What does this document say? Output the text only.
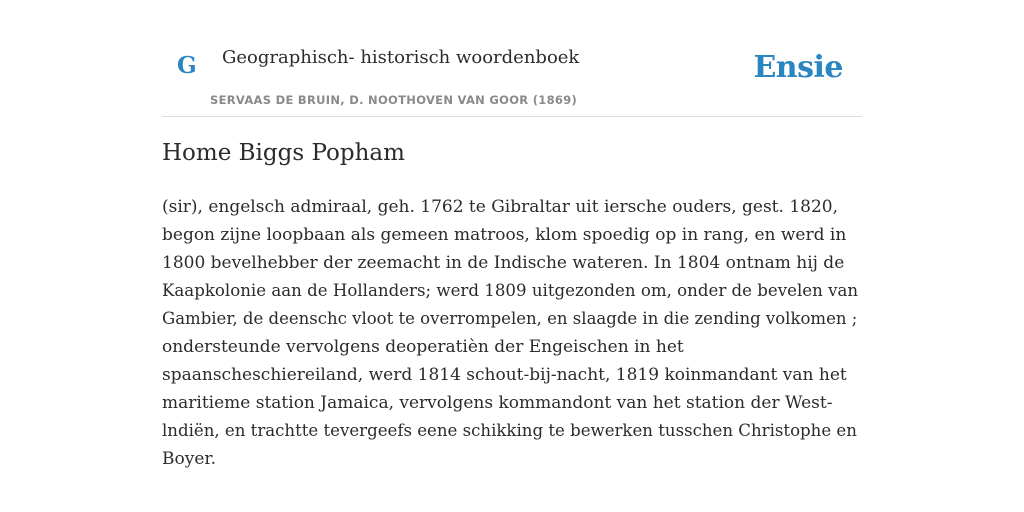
G Geographisch- historisch woordenboek
SERVAAS DE BRUIN, D. NOOTHOVEN VAN GOOR (1869)
Ensie
Home Biggs Popham

(sir), engelsch admiraal, geh. 1762 te Gibraltar uit iersche ouders, gest. 1820,
begon zijne loopbaan als gemeen matroos, klom spoedig op in rang, en werd in
1800 bevelhebber der zeemacht in de Indische wateren. In 1804 ontnam hij de
Kaapkolonie aan de Hollanders; werd 1809 uitgezonden om, onder de bevelen van
Gambier, de deenschc vloot te overrompelen, en slaagde in die zending volkomen ;
ondersteunde vervolgens deoperatièn der Engeischen in het
spaanscheschiereiland, werd 1814 schout-bij-nacht, 1819 koinmandant van het
maritieme station Jamaica, vervolgens kommandont van het station der West-
lndiën, en trachtte tevergeefs eene schikking te bewerken tusschen Christophe en
Boyer.
